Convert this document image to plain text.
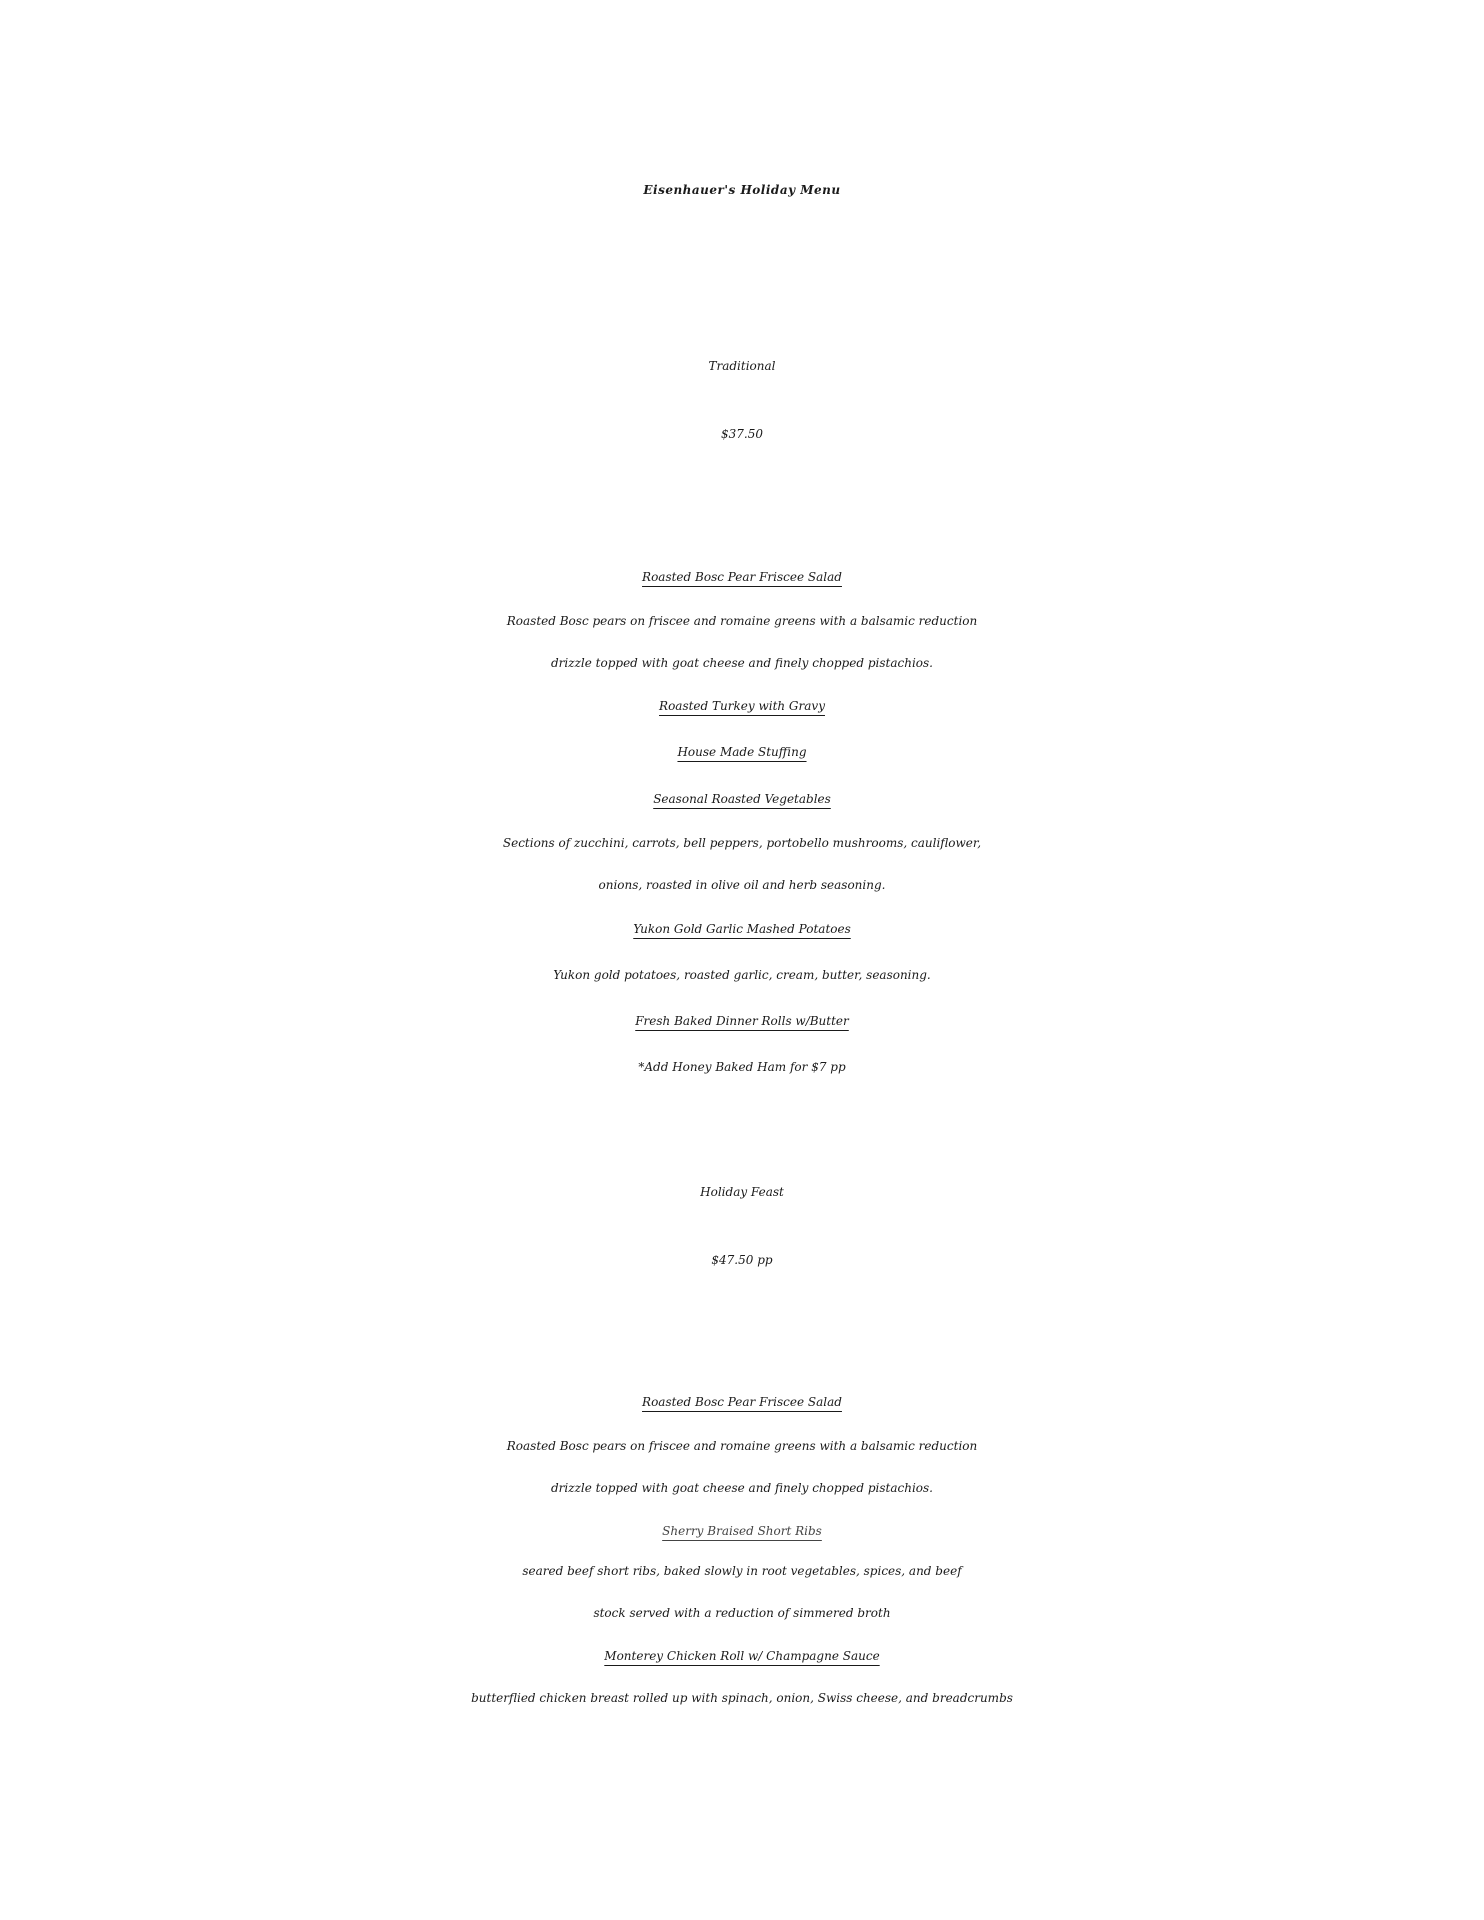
Eisenhauer's Holiday Menu
Traditional
$37.50
Roasted Bosc Pear Friscee Salad
Roasted Bosc pears on friscee and romaine greens with a balsamic reduction
drizzle topped with goat cheese and finely chopped pistachios.
Roasted Turkey with Gravy
House Made Stuffing
Seasonal Roasted Vegetables
Sections of zucchini, carrots, bell peppers, portobello mushrooms, cauliflower,
onions, roasted in olive oil and herb seasoning.
Yukon Gold Garlic Mashed Potatoes
Yukon gold potatoes, roasted garlic, cream, butter, seasoning.
Fresh Baked Dinner Rolls w/Butter
*Add Honey Baked Ham for $7 pp
Holiday Feast
$47.50 pp
Roasted Bosc Pear Friscee Salad
Roasted Bosc pears on friscee and romaine greens with a balsamic reduction
drizzle topped with goat cheese and finely chopped pistachios.
Sherry Braised Short Ribs
seared beef short ribs, baked slowly in root vegetables, spices, and beef
stock served with a reduction of simmered broth
Monterey Chicken Roll w/ Champagne Sauce
butterflied chicken breast rolled up with spinach, onion, Swiss cheese, and breadcrumbs
